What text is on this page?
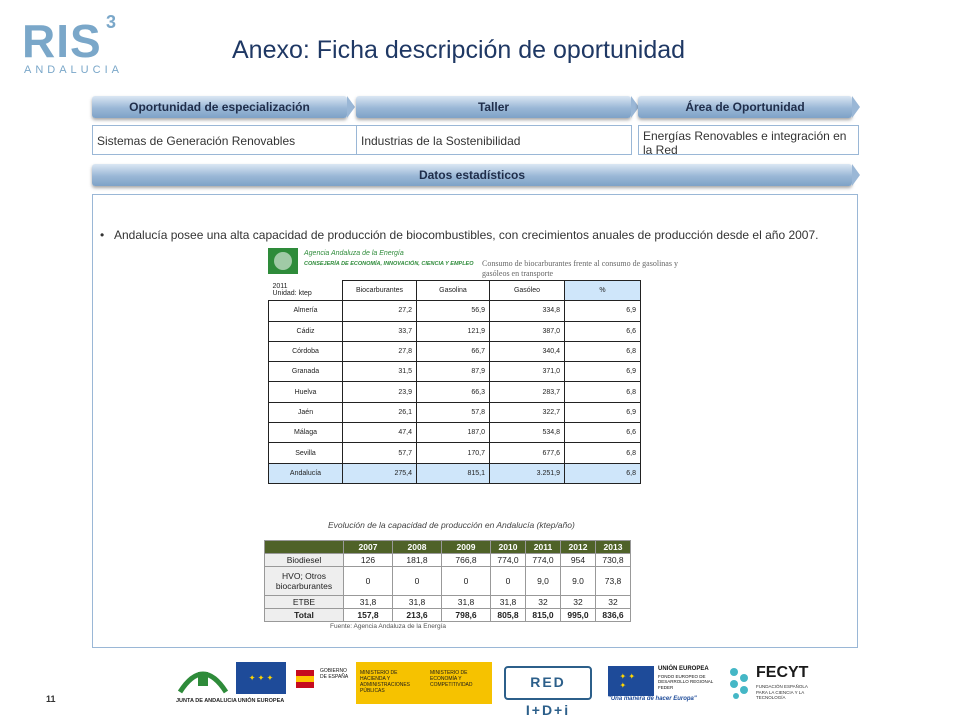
RIS 3
ANDALUCIA
Anexo: Ficha descripción de oportunidad
Oportunidad de especialización	Taller	Área de Oportunidad
Sistemas de Generación Renovables	Industrias de la Sostenibilidad	Energías Renovables e integración en la Red
Datos estadísticos
• Andalucía posee una alta capacidad de producción de biocombustibles, con crecimientos anuales de producción desde el año 2007.
Agencia Andaluza de la Energía
CONSEJERÍA DE ECONOMÍA, INNOVACIÓN, CIENCIA Y EMPLEO Consumo de biocarburantes frente al consumo de gasolinas y gasóleos en transporte
2011
Unidad: ktep	Biocarburantes	Gasolina	Gasóleo	%
Almería	27,2	56,9	334,8	6,9
Cádiz	33,7	121,9	387,0	6,6
Córdoba	27,8	66,7	340,4	6,8
Granada	31,5	87,9	371,0	6,9
Huelva	23,9	66,3	283,7	6,8
Jaén	26,1	57,8	322,7	6,9
Málaga	47,4	187,0	534,8	6,6
Sevilla	57,7	170,7	677,6	6,8
Andalucía	275,4	815,1	3.251,9	6,8
Evolución de la capacidad de producción en Andalucía (ktep/año)
	2007	2008	2009	2010	2011	2012	2013
Biodiesel	126	181,8	766,8	774,0	774,0	954	730,8
HVO; Otros biocarburantes	0	0	0	0	9,0	9.0	73,8
ETBE	31,8	31,8	31,8	31,8	32	32	32
Total	157,8	213,6	798,6	805,8	815,0	995,0	836,6
Fuente: Agencia Andaluza de la Energía
11	JUNTA DE ANDALUCIA
✦ ✦ ✦
UNIÓN EUROPEA
GOBIERNO DE ESPAÑA
MINISTERIO DE HACIENDA Y ADMINISTRACIONES PÚBLICAS
MINISTERIO DE ECONOMÍA Y COMPETITIVIDAD	RED I+D+i
✦ ✦ ✦
UNIÓN EUROPEA
FONDO EUROPEO DE DESARROLLO REGIONAL
FEDER
"Una manera de hacer Europa"
FECYT
FUNDACIÓN ESPAÑOLA PARA LA CIENCIA Y LA TECNOLOGÍA
